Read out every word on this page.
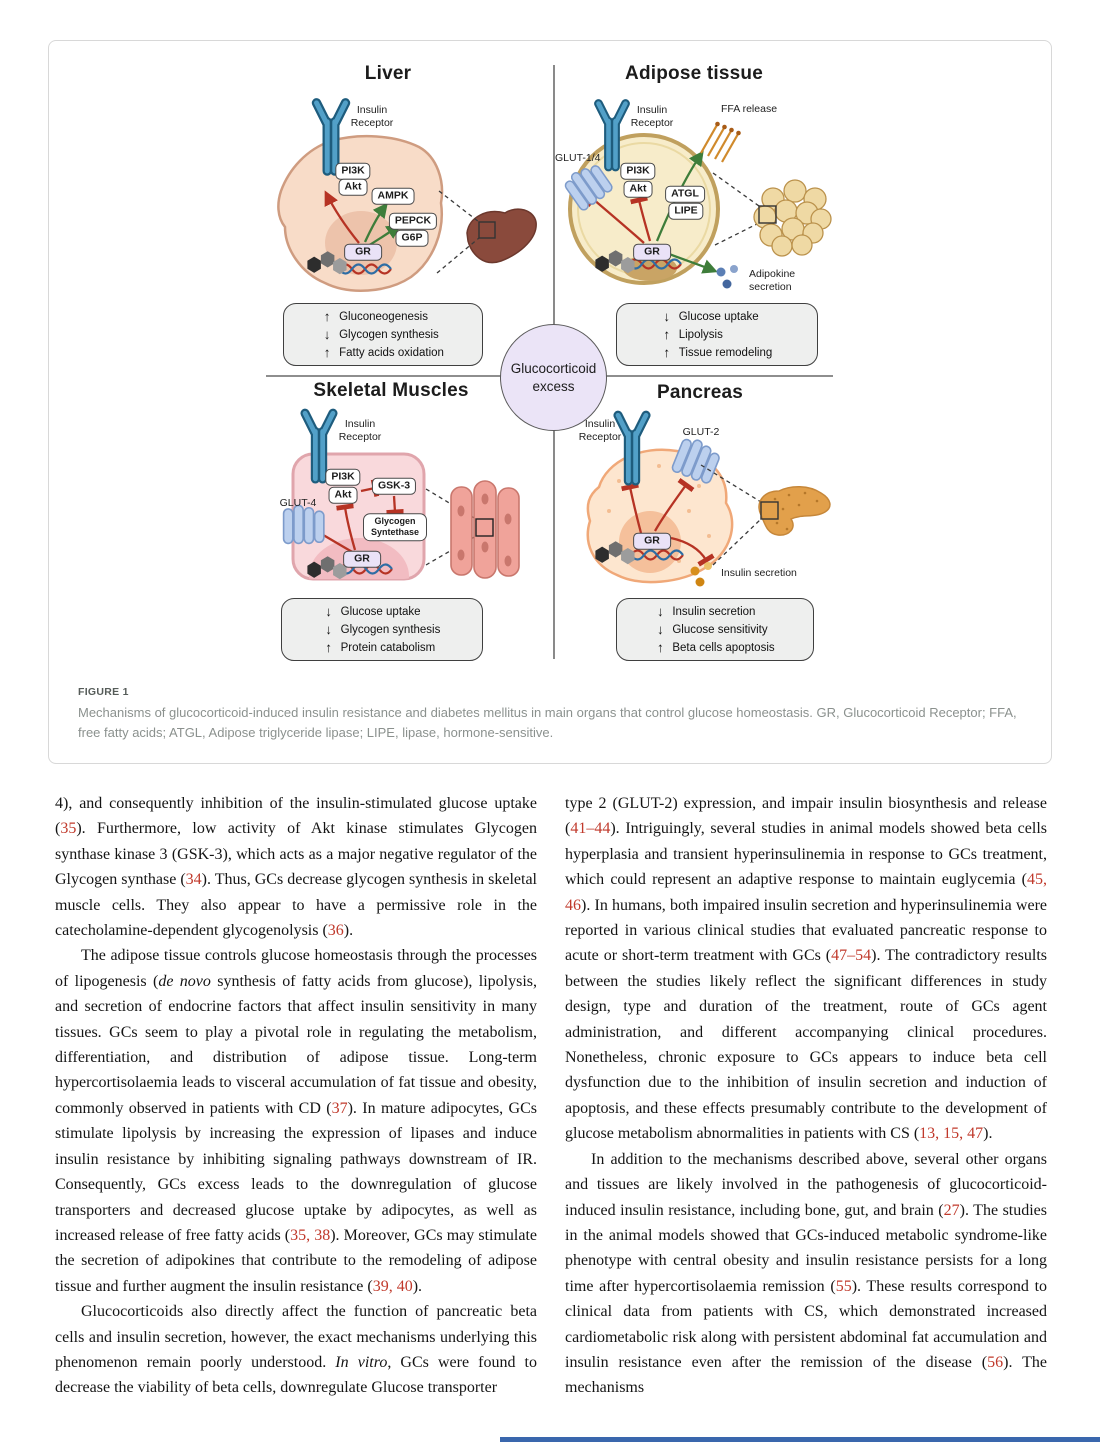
Liver	Adipose tissue
Skeletal Muscles	Pancreas
Glucocorticoid
excess
Insulin Receptor
PI3K
Akt
AMPK
PEPCK
G6P
GR
↑ Gluconeogenesis
↓ Glycogen synthesis
↑ Fatty acids oxidation
Insulin Receptor
FFA release
GLUT-1/4
PI3K
Akt	ATGL
LIPE
GR
Adipokine secretion
↓ Glucose uptake
↑ Lipolysis
↑ Tissue remodeling
Insulin Receptor
GLUT-4
PI3K
Akt
GSK-3
Glycogen Syntethase
GR
↓ Glucose uptake
↓ Glycogen synthesis
↑ Protein catabolism
Insulin Receptor	GLUT-2
GR
Insulin secretion
↓ Insulin secretion
↓ Glucose sensitivity
↑ Beta cells apoptosis
FIGURE 1
Mechanisms of glucocorticoid-induced insulin resistance and diabetes mellitus in main organs that control glucose homeostasis. GR, Glucocorticoid Receptor; FFA, free fatty acids; ATGL, Adipose triglyceride lipase; LIPE, lipase, hormone-sensitive.

4), and consequently inhibition of the insulin-stimulated glucose uptake (35). Furthermore, low activity of Akt kinase stimulates Glycogen synthase kinase 3 (GSK-3), which acts as a major negative regulator of the Glycogen synthase (34). Thus, GCs decrease glycogen synthesis in skeletal muscle cells. They also appear to have a permissive role in the catecholamine-dependent glycogenolysis (36).

The adipose tissue controls glucose homeostasis through the processes of lipogenesis (de novo synthesis of fatty acids from glucose), lipolysis, and secretion of endocrine factors that affect insulin sensitivity in many tissues. GCs seem to play a pivotal role in regulating the metabolism, differentiation, and distribution of adipose tissue. Long-term hypercortisolaemia leads to visceral accumulation of fat tissue and obesity, commonly observed in patients with CD (37). In mature adipocytes, GCs stimulate lipolysis by increasing the expression of lipases and induce insulin resistance by inhibiting signaling pathways downstream of IR. Consequently, GCs excess leads to the downregulation of glucose transporters and decreased glucose uptake by adipocytes, as well as increased release of free fatty acids (35, 38). Moreover, GCs may stimulate the secretion of adipokines that contribute to the remodeling of adipose tissue and further augment the insulin resistance (39, 40).

Glucocorticoids also directly affect the function of pancreatic beta cells and insulin secretion, however, the exact mechanisms underlying this phenomenon remain poorly understood. In vitro, GCs were found to decrease the viability of beta cells, downregulate Glucose transporter

type 2 (GLUT-2) expression, and impair insulin biosynthesis and release (41–44). Intriguingly, several studies in animal models showed beta cells hyperplasia and transient hyperinsulinemia in response to GCs treatment, which could represent an adaptive response to maintain euglycemia (45, 46). In humans, both impaired insulin secretion and hyperinsulinemia were reported in various clinical studies that evaluated pancreatic response to acute or short-term treatment with GCs (47–54). The contradictory results between the studies likely reflect the significant differences in study design, type and duration of the treatment, route of GCs agent administration, and different accompanying clinical procedures. Nonetheless, chronic exposure to GCs appears to induce beta cell dysfunction due to the inhibition of insulin secretion and induction of apoptosis, and these effects presumably contribute to the development of glucose metabolism abnormalities in patients with CS (13, 15, 47).

In addition to the mechanisms described above, several other organs and tissues are likely involved in the pathogenesis of glucocorticoid-induced insulin resistance, including bone, gut, and brain (27). The studies in the animal models showed that GCs-induced metabolic syndrome-like phenotype with central obesity and insulin resistance persists for a long time after hypercortisolaemia remission (55). These results correspond to clinical data from patients with CS, which demonstrated increased cardiometabolic risk along with persistent abdominal fat accumulation and insulin resistance even after the remission of the disease (56). The mechanisms
